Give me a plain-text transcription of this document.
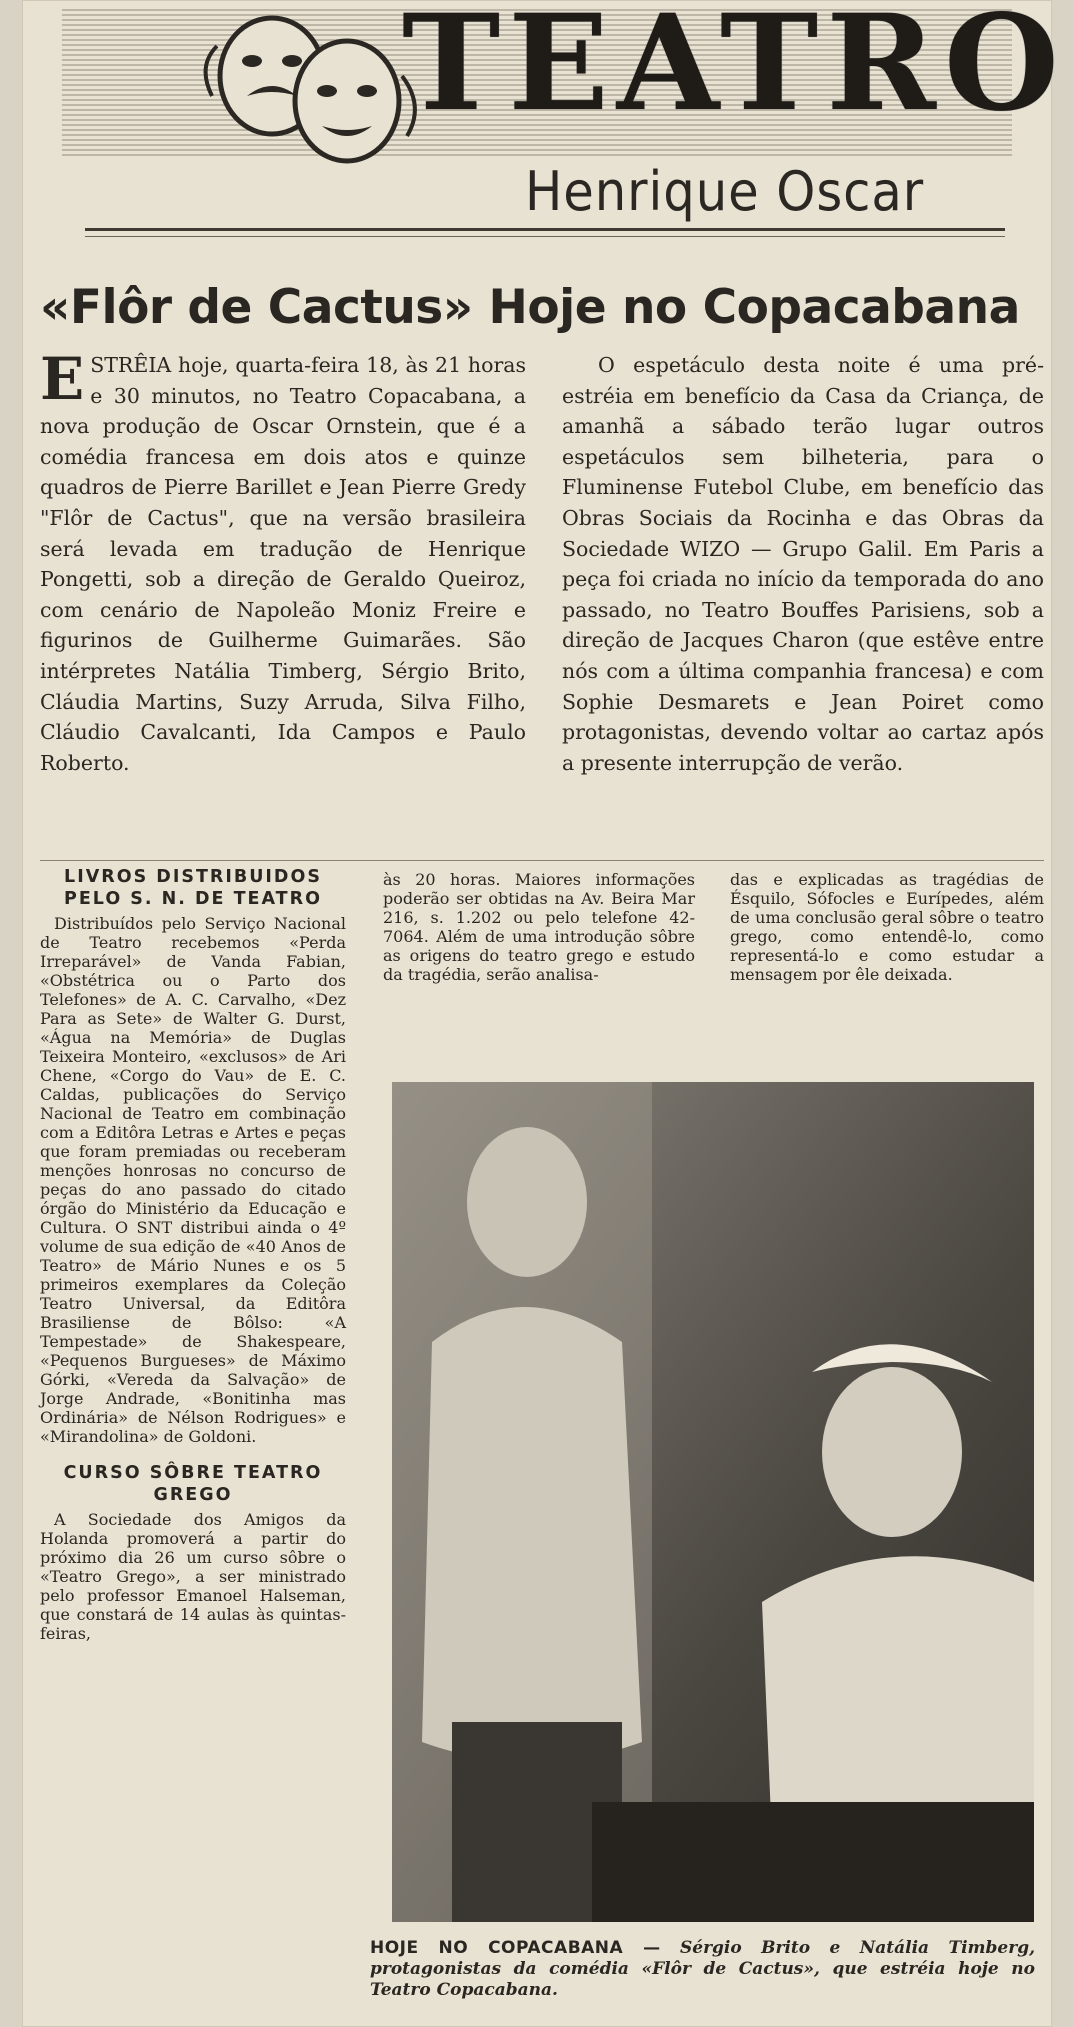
TEATRO
Henrique Oscar
«Flôr de Cactus» Hoje no Copacabana

ESTRÊIA hoje, quarta-feira 18, às 21 horas e 30 minutos, no Teatro Copacabana, a nova produção de Oscar Ornstein, que é a comédia francesa em dois atos e quinze quadros de Pierre Barillet e Jean Pierre Gredy "Flôr de Cactus", que na versão brasileira será levada em tradução de Henrique Pongetti, sob a direção de Geraldo Queiroz, com cenário de Napoleão Moniz Freire e figurinos de Guilherme Guimarães. São intérpretes Natália Timberg, Sérgio Brito, Cláudia Martins, Suzy Arruda, Silva Filho, Cláudio Cavalcanti, Ida Campos e Paulo Roberto.

O espetáculo desta noite é uma pré-estréia em benefício da Casa da Criança, de amanhã a sábado terão lugar outros espetáculos sem bilheteria, para o Fluminense Futebol Clube, em benefício das Obras Sociais da Rocinha e das Obras da Sociedade WIZO — Grupo Galil. Em Paris a peça foi criada no início da temporada do ano passado, no Teatro Bouffes Parisiens, sob a direção de Jacques Charon (que estêve entre nós com a última companhia francesa) e com Sophie Desmarets e Jean Poiret como protagonistas, devendo voltar ao cartaz após a presente interrupção de verão.

LIVROS DISTRIBUIDOS PELO S. N. DE TEATRO

Distribuídos pelo Serviço Nacional de Teatro recebemos «Perda Irreparável» de Vanda Fabian, «Obstétrica ou o Parto dos Telefones» de A. C. Carvalho, «Dez Para as Sete» de Walter G. Durst, «Água na Memória» de Duglas Teixeira Monteiro, «exclusos» de Ari Chene, «Corgo do Vau» de E. C. Caldas, publicações do Serviço Nacional de Teatro em combinação com a Editôra Letras e Artes e peças que foram premiadas ou receberam menções honrosas no concurso de peças do ano passado do citado órgão do Ministério da Educação e Cultura. O SNT distribui ainda o 4º volume de sua edição de «40 Anos de Teatro» de Mário Nunes e os 5 primeiros exemplares da Coleção Teatro Universal, da Editôra Brasiliense de Bôlso: «A Tempestade» de Shakespeare, «Pequenos Burgueses» de Máximo Górki, «Vereda da Salvação» de Jorge Andrade, «Bonitinha mas Ordinária» de Nélson Rodrigues» e «Mirandolina» de Goldoni.

CURSO SÔBRE TEATRO GREGO

A Sociedade dos Amigos da Holanda promoverá a partir do próximo dia 26 um curso sôbre o «Teatro Grego», a ser ministrado pelo professor Emanoel Halseman, que constará de 14 aulas às quintas-feiras,

às 20 horas. Maiores informações poderão ser obtidas na Av. Beira Mar 216, s. 1.202 ou pelo telefone 42-7064. Além de uma introdução sôbre as origens do teatro grego e estudo da tragédia, serão analisa-

das e explicadas as tragédias de Ésquilo, Sófocles e Eurípedes, além de uma conclusão geral sôbre o teatro grego, como entendê-lo, como representá-lo e como estudar a mensagem por êle deixada.

HOJE NO COPACABANA — Sérgio Brito e Natália Timberg, protagonistas da comédia «Flôr de Cactus», que estréia hoje no Teatro Copacabana.
